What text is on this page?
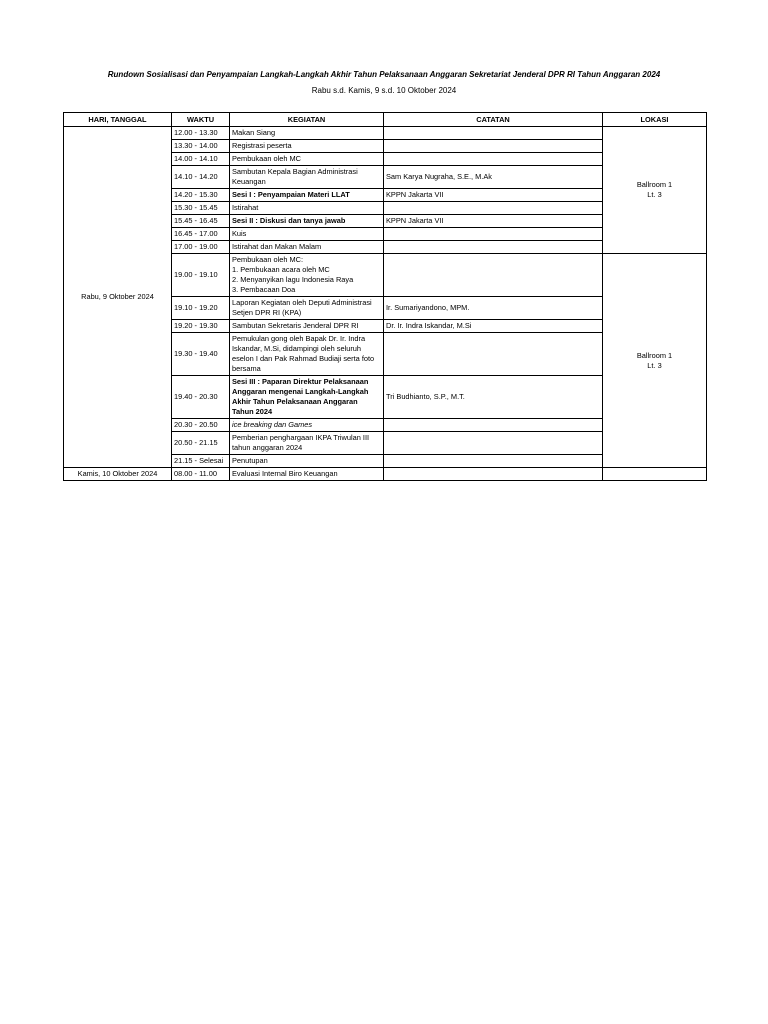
Rundown Sosialisasi dan Penyampaian Langkah-Langkah Akhir Tahun Pelaksanaan Anggaran Sekretariat Jenderal DPR RI Tahun Anggaran 2024
Rabu s.d. Kamis, 9 s.d. 10 Oktober 2024
HARI, TANGGAL	WAKTU	KEGIATAN	CATATAN	LOKASI
Rabu, 9 Oktober 2024	12.00 - 13.30	Makan Siang		Ballroom 1
Lt. 3
	13.30 - 14.00	Registrasi peserta		
	14.00 - 14.10	Pembukaan oleh MC		
	14.10 - 14.20	Sambutan Kepala Bagian Administrasi Keuangan	Sam Karya Nugraha, S.E., M.Ak	
	14.20 - 15.30	Sesi I : Penyampaian Materi LLAT	KPPN Jakarta VII	
	15.30 - 15.45	Istirahat		
	15.45 - 16.45	Sesi II : Diskusi dan tanya jawab	KPPN Jakarta VII	
	16.45 - 17.00	Kuis		
	17.00 - 19.00	Istirahat dan Makan Malam		
	19.00 - 19.10	Pembukaan oleh MC:
1. Pembukaan acara oleh MC
2. Menyanyikan lagu Indonesia Raya
3. Pembacaan Doa		Ballroom 1
Lt. 3
	19.10 - 19.20	Laporan Kegiatan oleh Deputi Administrasi Setjen DPR RI (KPA)	Ir. Sumariyandono, MPM.	
	19.20 - 19.30	Sambutan Sekretaris Jenderal DPR RI	Dr. Ir. Indra Iskandar, M.Si	
	19.30 - 19.40	Pemukulan gong oleh Bapak Dr. Ir. Indra Iskandar, M.Si, didampingi oleh seluruh eselon I dan Pak Rahmad Budiaji serta foto bersama		
	19.40 - 20.30	Sesi III : Paparan Direktur Pelaksanaan Anggaran mengenai Langkah-Langkah Akhir Tahun Pelaksanaan Anggaran Tahun 2024	Tri Budhianto, S.P., M.T.	
	20.30 - 20.50	ice breaking dan Games		
	20.50 - 21.15	Pemberian penghargaan IKPA Triwulan III tahun anggaran 2024		
	21.15 - Selesai	Penutupan		
Kamis, 10 Oktober 2024	08.00 - 11.00	Evaluasi Internal Biro Keuangan		
